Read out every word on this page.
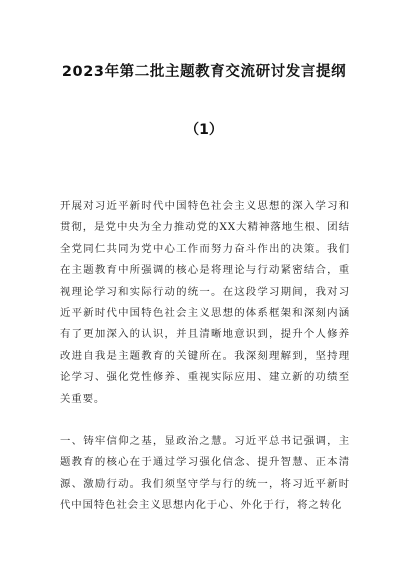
2023年第二批主题教育交流研讨发言提纲
（1）

开展对习近平新时代中国特色社会主义思想的深入学习和贯彻，是党中央为全力推动党的XX大精神落地生根、团结全党同仁共同为党中心工作而努力奋斗作出的决策。我们在主题教育中所强调的核心是将理论与行动紧密结合，重视理论学习和实际行动的统一。在这段学习期间，我对习近平新时代中国特色社会主义思想的体系框架和深刻内涵有了更加深入的认识，并且清晰地意识到，提升个人修养改进自我是主题教育的关键所在。我深刻理解到，坚持理论学习、强化党性修养、重视实际应用、建立新的功绩至关重要。

一、铸牢信仰之基，显政治之慧。习近平总书记强调，主题教育的核心在于通过学习强化信念、提升智慧、正本清源、激励行动。我们须坚守学与行的统一，将习近平新时代中国特色社会主义思想内化于心、外化于行，将之转化
